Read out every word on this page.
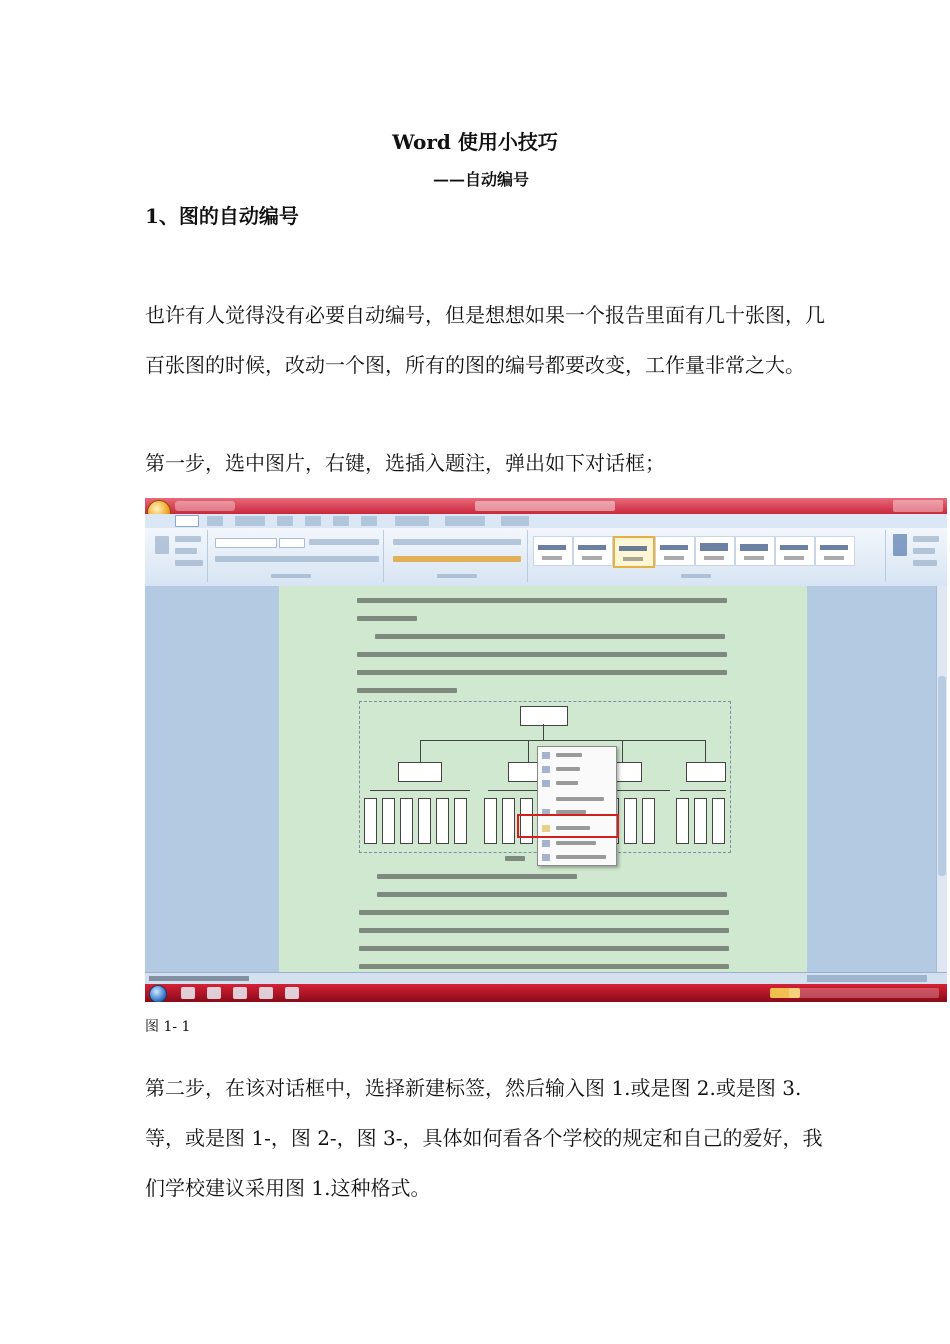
Word 使用小技巧
——自动编号
1、图的自动编号

也许有人觉得没有必要自动编号，但是想想如果一个报告里面有几十张图，几百张图的时候，改动一个图，所有的图的编号都要改变，工作量非常之大。

第一步，选中图片，右键，选插入题注，弹出如下对话框；

图 1- 1

第二步，在该对话框中，选择新建标签，然后输入图 1.或是图 2.或是图 3.等，或是图 1-，图 2-，图 3-，具体如何看各个学校的规定和自己的爱好，我们学校建议采用图 1.这种格式。
